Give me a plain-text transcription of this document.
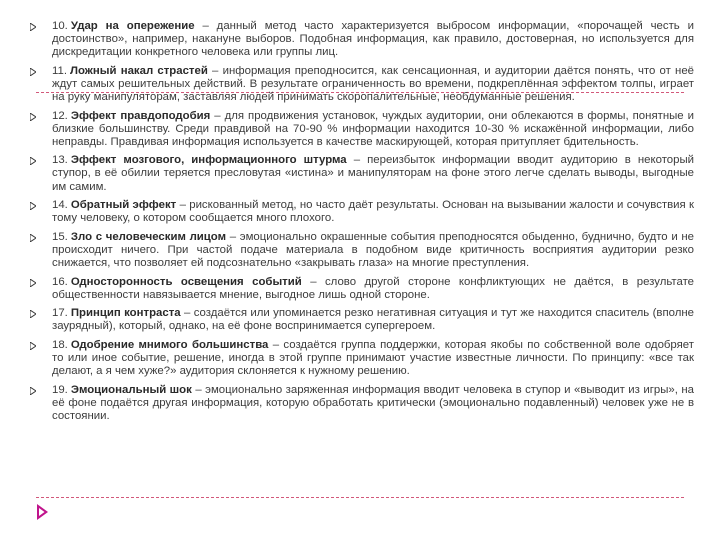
10. Удар на опережение – данный метод часто характеризуется выбросом информации, «порочащей честь и достоинство», например, накануне выборов. Подобная информация, как правило, достоверная, но используется для дискредитации конкретного человека или группы лиц.
11. Ложный накал страстей – информация преподносится, как сенсационная, и аудитории даётся понять, что от неё ждут самых решительных действий. В результате ограниченность во времени, подкреплённая эффектом толпы, играет на руку манипуляторам, заставляя людей принимать скоропалительные, необдуманные решения.
12. Эффект правдоподобия – для продвижения установок, чуждых аудитории, они облекаются в формы, понятные и близкие большинству. Среди правдивой на 70-90 % информации находится 10-30 % искажённой информации, либо неправды. Правдивая информация используется в качестве маскирующей, которая притупляет бдительность.
13. Эффект мозгового, информационного штурма – переизбыток информации вводит аудиторию в некоторый ступор, в её обилии теряется пресловутая «истина» и манипуляторам на фоне этого легче сделать выводы, выгодные им самим.
14. Обратный эффект – рискованный метод, но часто даёт результаты. Основан на вызывании жалости и сочувствия к тому человеку, о котором сообщается много плохого.
15. Зло с человеческим лицом – эмоционально окрашенные события преподносятся обыденно, буднично, будто и не происходит ничего. При частой подаче материала в подобном виде критичность восприятия аудитории резко снижается, что позволяет ей подсознательно «закрывать глаза» на многие преступления.
16. Односторонность освещения событий – слово другой стороне конфликтующих не даётся, в результате общественности навязывается мнение, выгодное лишь одной стороне.
17. Принцип контраста – создаётся или упоминается резко негативная ситуация и тут же находится спаситель (вполне заурядный), который, однако, на её фоне воспринимается супергероем.
18. Одобрение мнимого большинства – создаётся группа поддержки, которая якобы по собственной воле одобряет то или иное событие, решение, иногда в этой группе принимают участие известные личности. По принципу: «все так делают, а я чем хуже?» аудитория склоняется к нужному решению.
19. Эмоциональный шок – эмоционально заряженная информация вводит человека в ступор и «выводит из игры», на её фоне подаётся другая информация, которую обработать критически (эмоционально подавленный) человек уже не в состоянии.
